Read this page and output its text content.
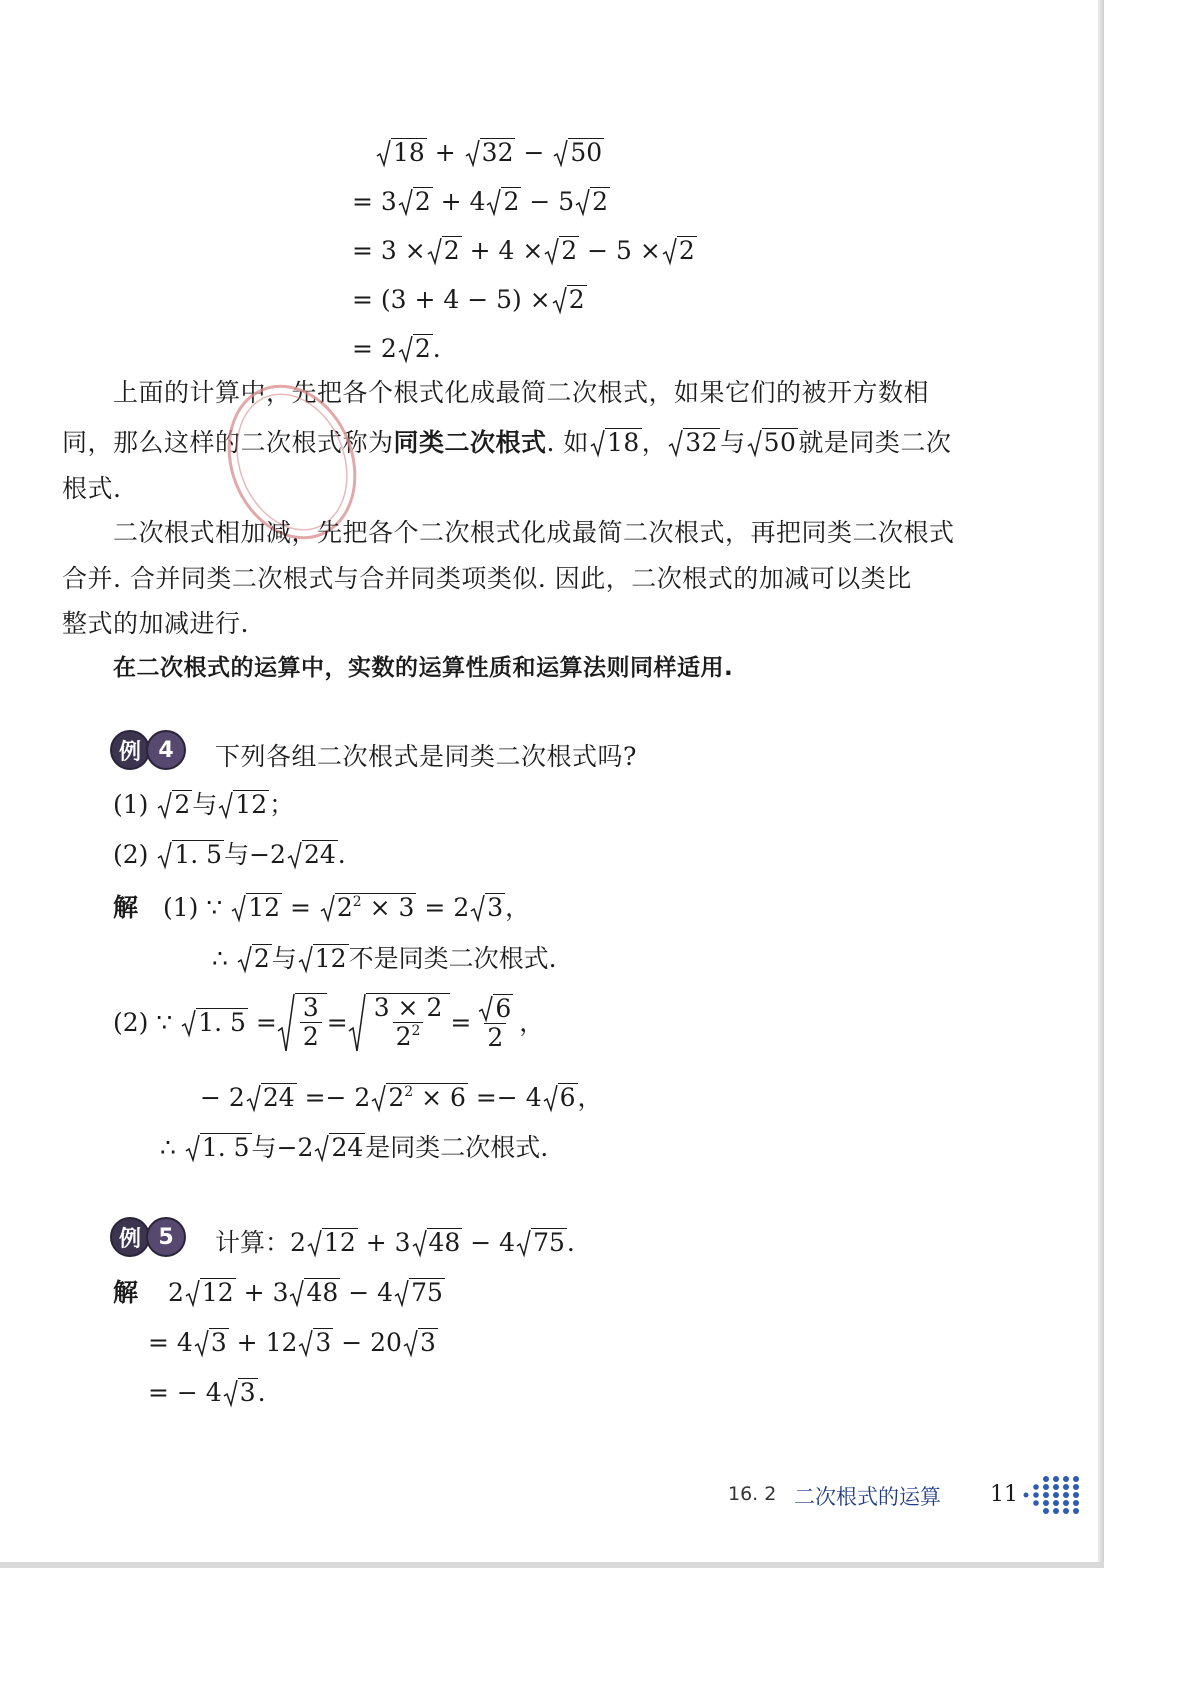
18 + 32 − 50
= 3 2 + 4 2 − 5 2
= 3 × 2 + 4 × 2 − 5 × 2
= (3 + 4 − 5) × 2
= 2 2.
上面的计算中，先把各个根式化成最简二次根式，如果它们的被开方数相
同，那么这样的二次根式称为同类二次根式. 如 18， 32与 50就是同类二次
根式.
二次根式相加减，先把各个二次根式化成最简二次根式，再把同类二次根式
合并. 合并同类二次根式与合并同类项类似. 因此，二次根式的加减可以类比
整式的加减进行.
在二次根式的运算中，实数的运算性质和运算法则同样适用.
例 4	下列各组二次根式是同类二次根式吗?
(1) 2与 12；
(2) 1. 5与−2 24.
解 (1) ∵ $12 = 2^2 \times 3 = 2$ 3，
∴ 2与 12不是同类二次根式.
(2) ∵
	1. 5
= $\frac{3}{2} = \frac{3 \times 2}{2^2} = \frac{6}{2}$ ，
− 2 24 =− 2 $2^2 \times 6 =- 4$ 6，
∴ 1. 5与−2 24是同类二次根式.
例 5	计算：2 12 + 3 48 − 4 75.
解 2 12 + 3 48 − 4 75
= 4 3 + 12 3 − 20 3
= − 4 3.
16. 2 二次根式的运算 11
